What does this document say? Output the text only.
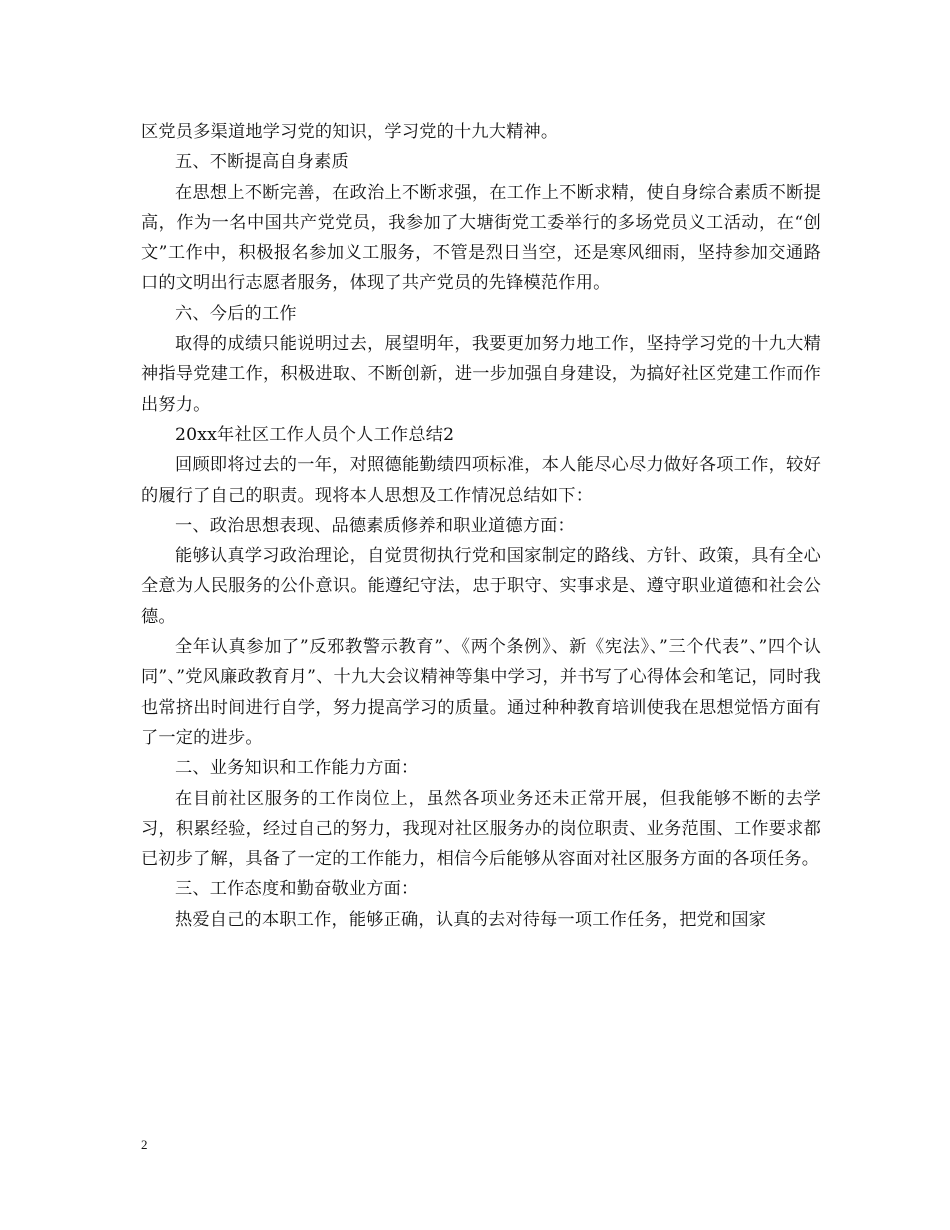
区党员多渠道地学习党的知识，学习党的十九大精神。

五、不断提高自身素质

在思想上不断完善，在政治上不断求强，在工作上不断求精，使自身综合素质不断提高，作为一名中国共产党党员，我参加了大塘街党工委举行的多场党员义工活动，在“创文”工作中，积极报名参加义工服务，不管是烈日当空，还是寒风细雨，坚持参加交通路口的文明出行志愿者服务，体现了共产党员的先锋模范作用。

六、今后的工作

取得的成绩只能说明过去，展望明年，我要更加努力地工作，坚持学习党的十九大精神指导党建工作，积极进取、不断创新，进一步加强自身建设，为搞好社区党建工作而作出努力。

20xx年社区工作人员个人工作总结2

回顾即将过去的一年，对照德能勤绩四项标准，本人能尽心尽力做好各项工作，较好的履行了自己的职责。现将本人思想及工作情况总结如下：

一、政治思想表现、品德素质修养和职业道德方面：

能够认真学习政治理论，自觉贯彻执行党和国家制定的路线、方针、政策，具有全心全意为人民服务的公仆意识。能遵纪守法，忠于职守、实事求是、遵守职业道德和社会公德。

全年认真参加了”反邪教警示教育”、《两个条例》、新《宪法》、”三个代表”、”四个认同”、”党风廉政教育月”、十九大会议精神等集中学习，并书写了心得体会和笔记，同时我也常挤出时间进行自学，努力提高学习的质量。通过种种教育培训使我在思想觉悟方面有了一定的进步。

二、业务知识和工作能力方面：

在目前社区服务的工作岗位上，虽然各项业务还未正常开展，但我能够不断的去学习，积累经验，经过自己的努力，我现对社区服务办的岗位职责、业务范围、工作要求都已初步了解，具备了一定的工作能力，相信今后能够从容面对社区服务方面的各项任务。

三、工作态度和勤奋敬业方面：

热爱自己的本职工作，能够正确，认真的去对待每一项工作任务，把党和国家

2
